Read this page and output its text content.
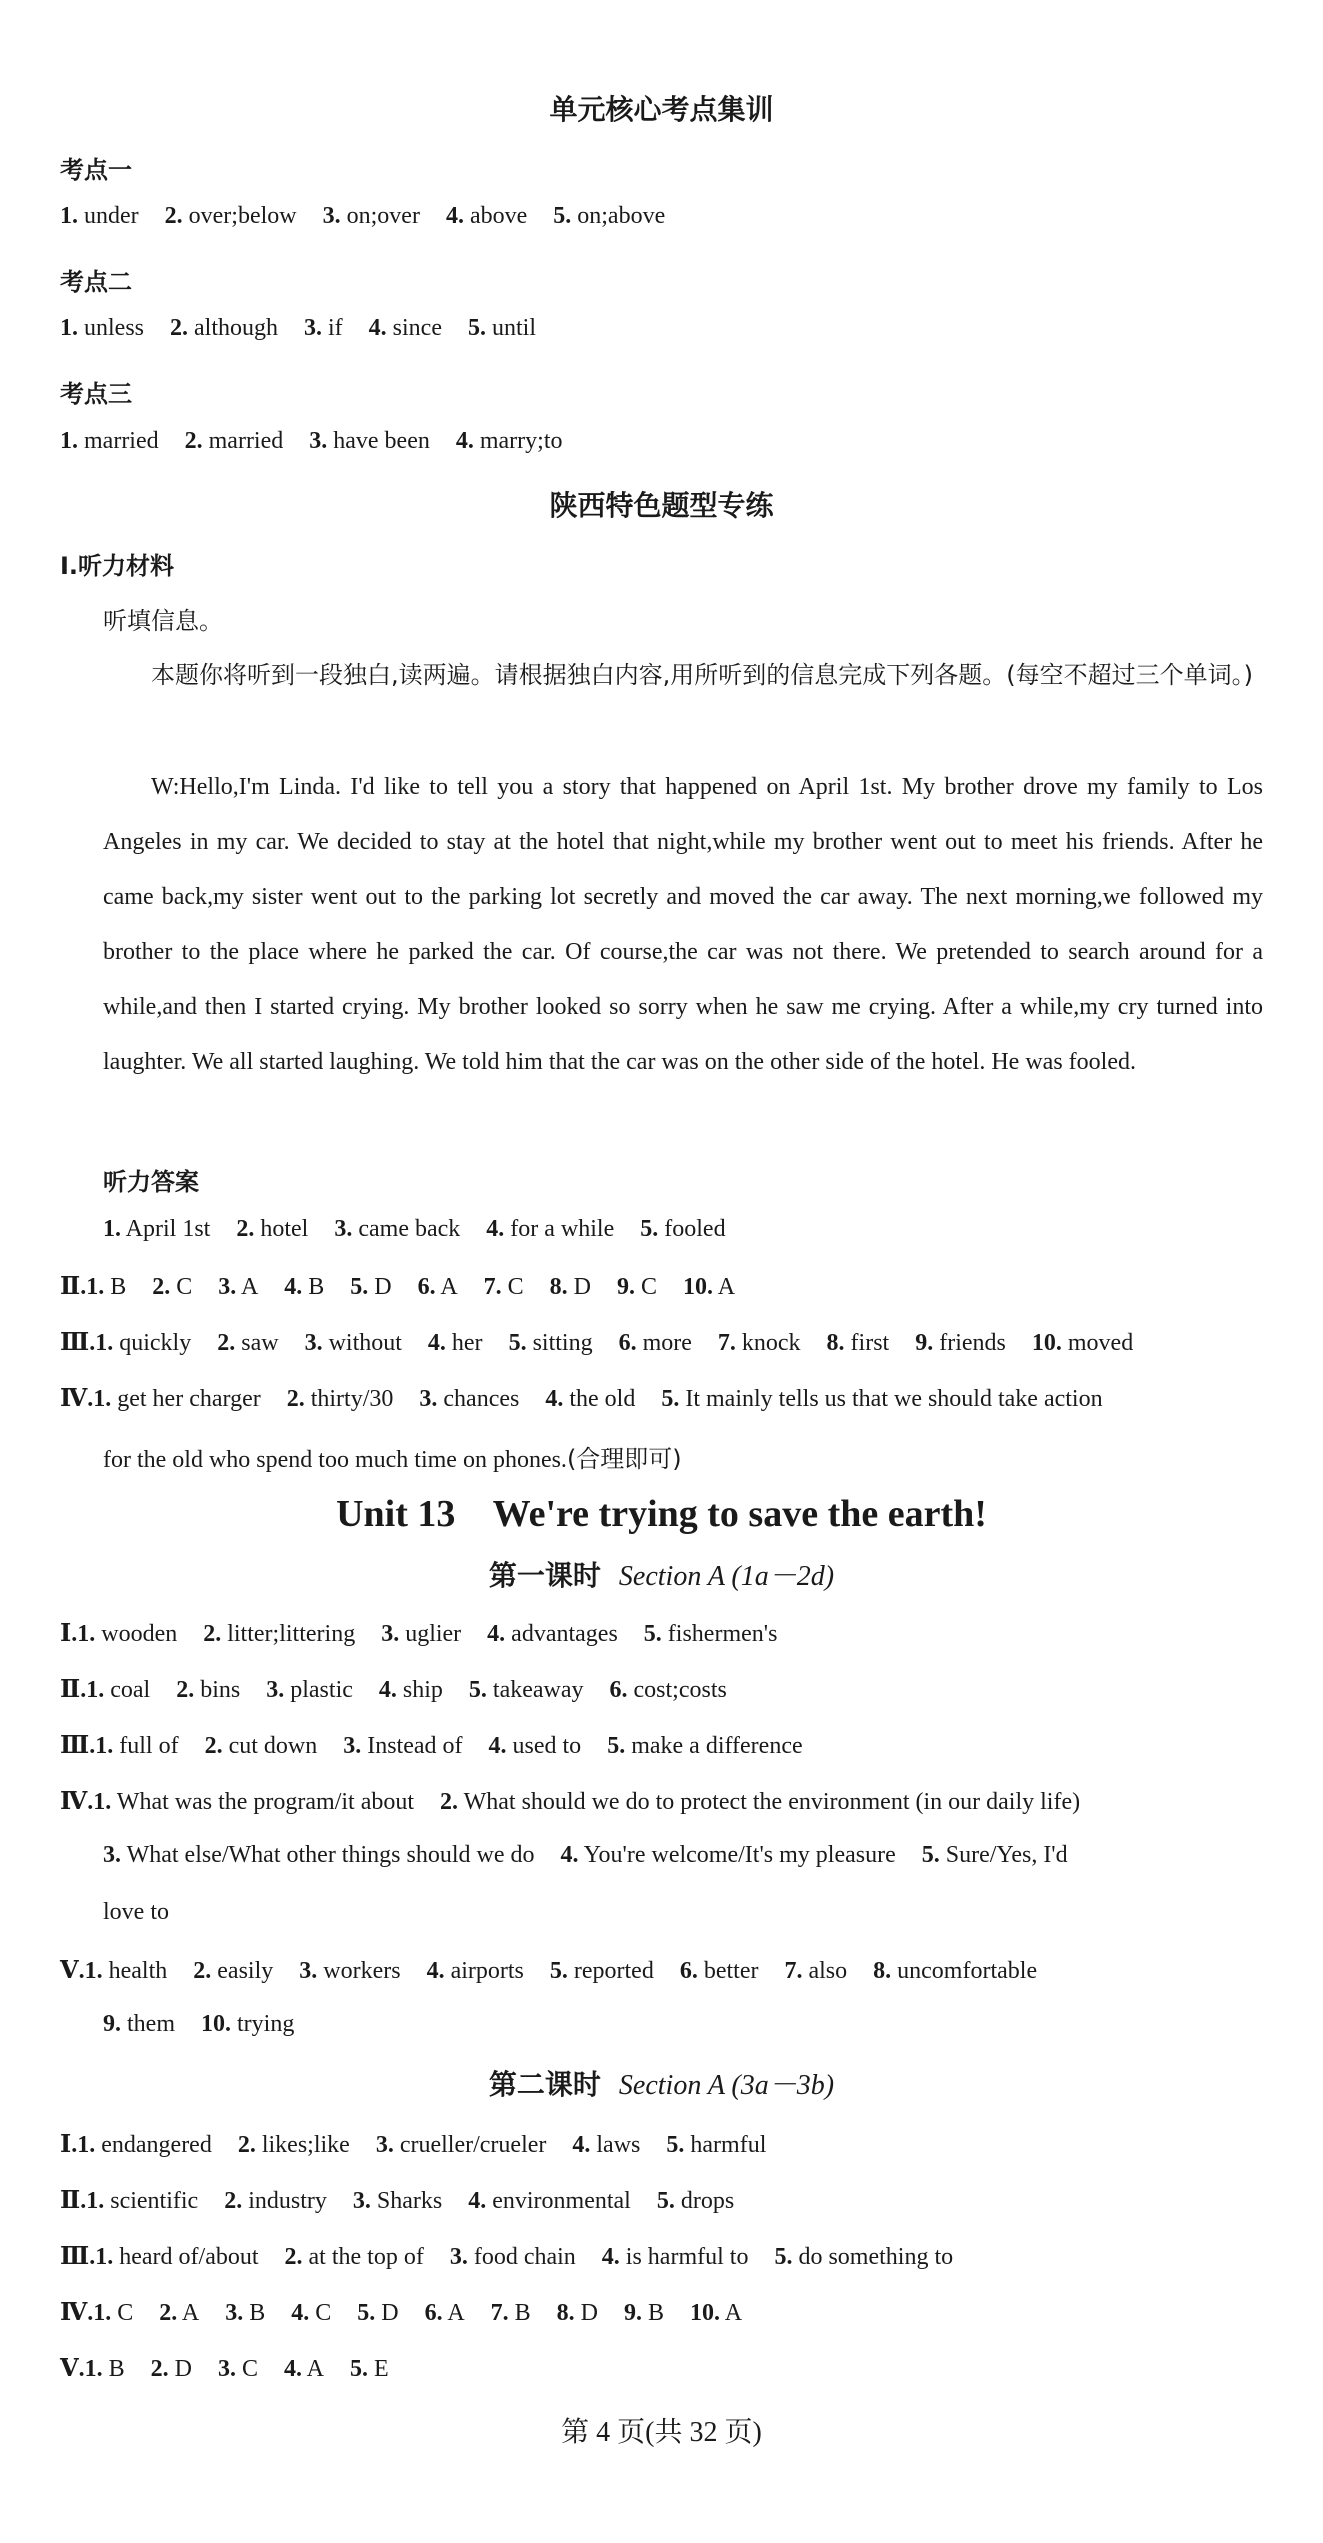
单元核心考点集训
考点一
1. under 2. over;below 3. on;over 4. above 5. on;above
考点二
1. unless 2. although 3. if 4. since 5. until
考点三
1. married 2. married 3. have been 4. marry;to
陕西特色题型专练
Ⅰ.听力材料
听填信息。
本题你将听到一段独白,读两遍。请根据独白内容,用所听到的信息完成下列各题。(每空不超过三个单词。)
W:Hello,I'm Linda. I'd like to tell you a story that happened on April 1st. My brother drove my family to Los Angeles in my car. We decided to stay at the hotel that night,while my brother went out to meet his friends. After he came back,my sister went out to the parking lot secretly and moved the car away. The next morning,we followed my brother to the place where he parked the car. Of course,the car was not there. We pretended to search around for a while,and then I started crying. My brother looked so sorry when he saw me crying. After a while,my cry turned into laughter. We all started laughing. We told him that the car was on the other side of the hotel. He was fooled.
听力答案
1. April 1st 2. hotel 3. came back 4. for a while 5. fooled
Ⅱ.1. B 2. C 3. A 4. B 5. D 6. A 7. C 8. D 9. C 10. A
Ⅲ.1. quickly 2. saw 3. without 4. her 5. sitting 6. more 7. knock 8. first 9. friends 10. moved
Ⅳ.1. get her charger 2. thirty/30 3. chances 4. the old 5. It mainly tells us that we should take action
for the old who spend too much time on phones.(合理即可)
Unit 13    We're trying to save the earth!
第一课时 Section A (1a－2d)
Ⅰ.1. wooden 2. litter;littering 3. uglier 4. advantages 5. fishermen's
Ⅱ.1. coal 2. bins 3. plastic 4. ship 5. takeaway 6. cost;costs
Ⅲ.1. full of 2. cut down 3. Instead of 4. used to 5. make a difference
Ⅳ.1. What was the program/it about 2. What should we do to protect the environment (in our daily life)
3. What else/What other things should we do 4. You're welcome/It's my pleasure 5. Sure/Yes, I'd
love to
Ⅴ.1. health 2. easily 3. workers 4. airports 5. reported 6. better 7. also 8. uncomfortable
9. them 10. trying
第二课时 Section A (3a－3b)
Ⅰ.1. endangered 2. likes;like 3. crueller/crueler 4. laws 5. harmful
Ⅱ.1. scientific 2. industry 3. Sharks 4. environmental 5. drops
Ⅲ.1. heard of/about 2. at the top of 3. food chain 4. is harmful to 5. do something to
Ⅳ.1. C 2. A 3. B 4. C 5. D 6. A 7. B 8. D 9. B 10. A
Ⅴ.1. B 2. D 3. C 4. A 5. E
第 4 页(共 32 页)
